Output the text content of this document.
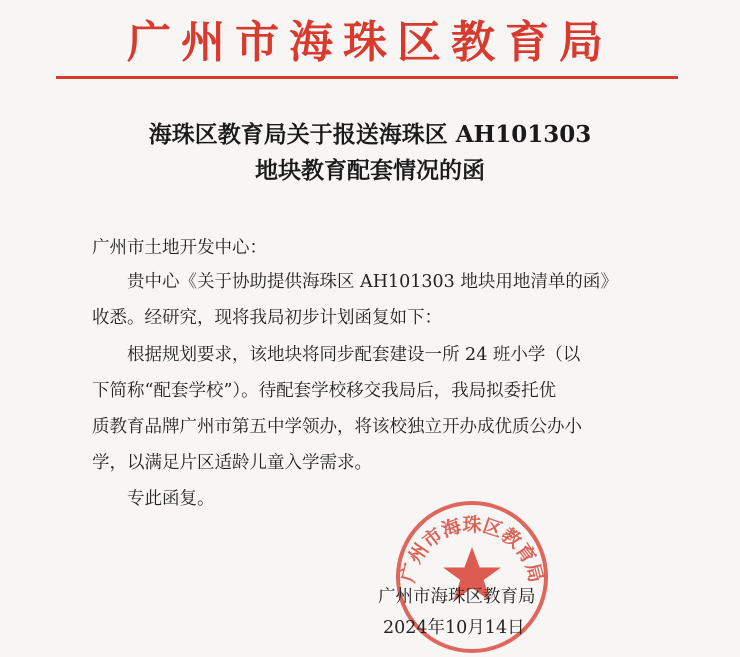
广州市海珠区教育局
海珠区教育局关于报送海珠区 AH101303
地块教育配套情况的函
广州市土地开发中心：
贵中心《关于协助提供海珠区 AH101303 地块用地清单的函》
收悉。经研究，现将我局初步计划函复如下：
根据规划要求，该地块将同步配套建设一所 24 班小学（以
下简称“配套学校”）。待配套学校移交我局后，我局拟委托优
质教育品牌广州市第五中学领办，将该校独立开办成优质公办小
学，以满足片区适龄儿童入学需求。
专此函复。
广州市海珠区教育局
广州市海珠区教育局
2024年10月14日
